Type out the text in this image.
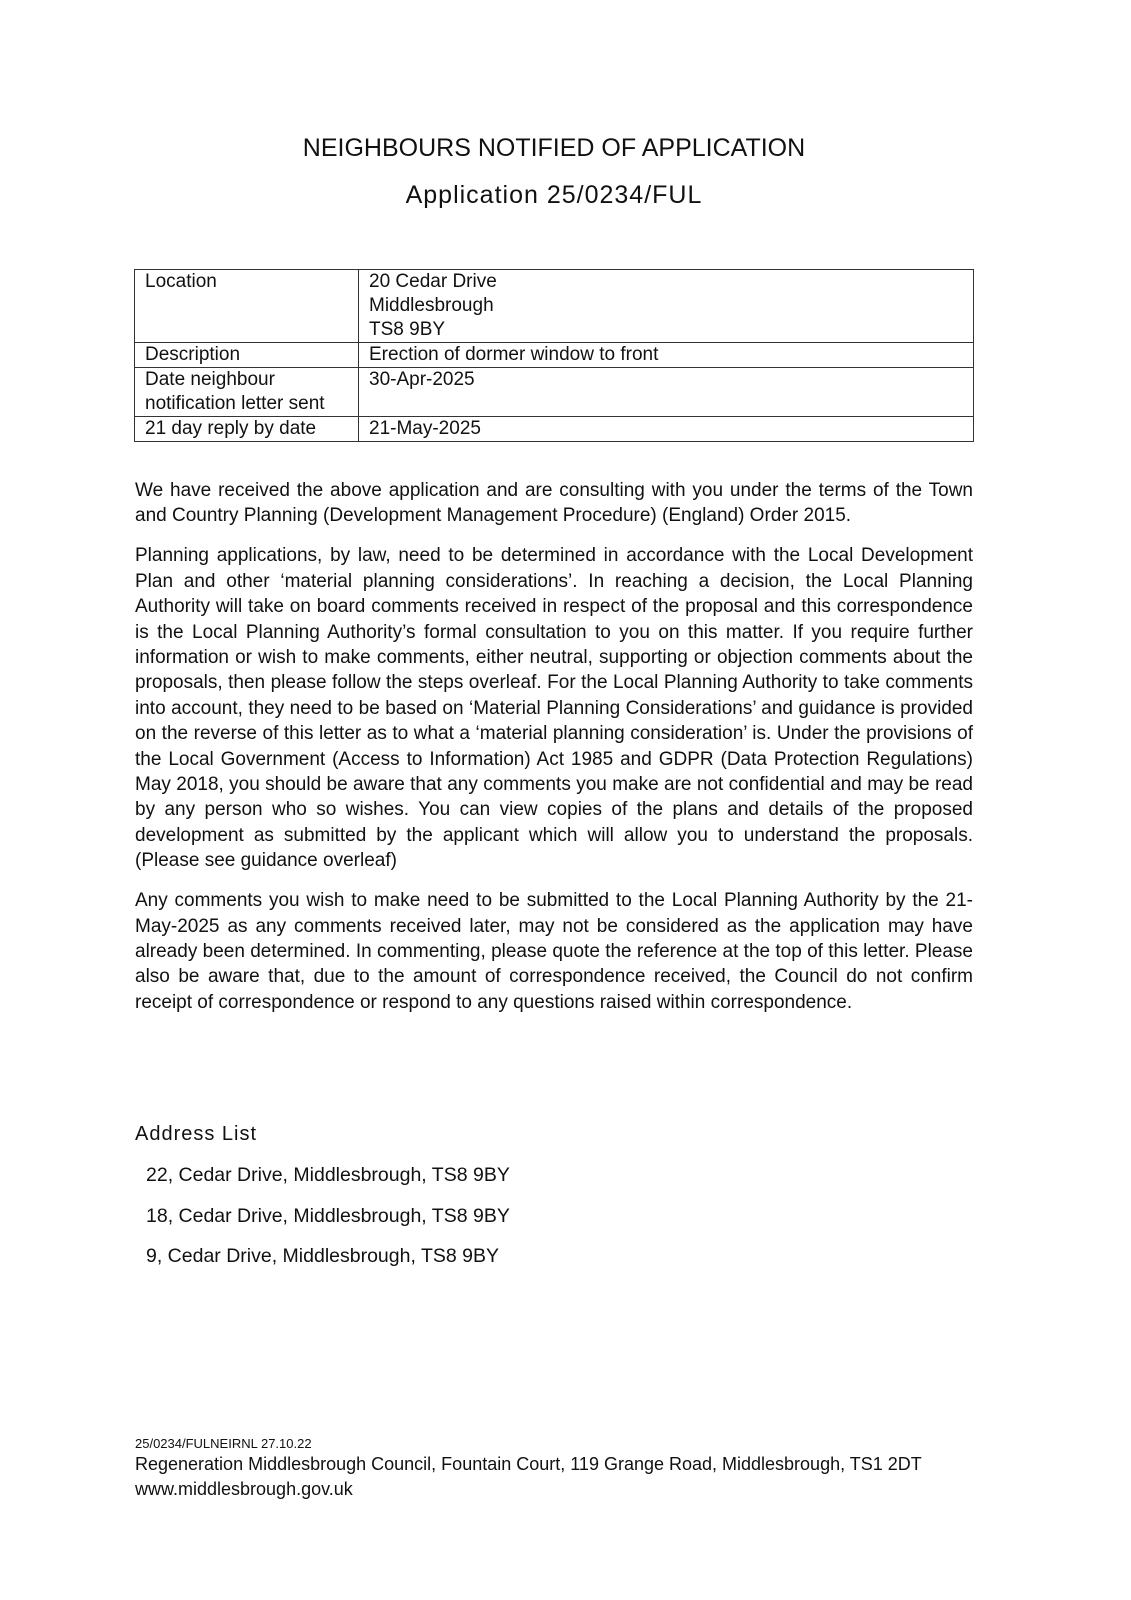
NEIGHBOURS NOTIFIED OF APPLICATION
Application 25/0234/FUL
Location	20 Cedar Drive
Middlesbrough
TS8 9BY

Description	Erection of dormer window to front

Date neighbour
notification letter sent	30-Apr-2025
21 day reply by date	21-May-2025

We have received the above application and are consulting with you under the terms of the Town and Country Planning (Development Management Procedure) (England) Order 2015.

Planning applications, by law, need to be determined in accordance with the Local Development Plan and other ‘material planning considerations’. In reaching a decision, the Local Planning Authority will take on board comments received in respect of the proposal and this correspondence is the Local Planning Authority’s formal consultation to you on this matter. If you require further information or wish to make comments, either neutral, supporting or objection comments about the proposals, then please follow the steps overleaf. For the Local Planning Authority to take comments into account, they need to be based on ‘Material Planning Considerations’ and guidance is provided on the reverse of this letter as to what a ‘material planning consideration’ is. Under the provisions of the Local Government (Access to Information) Act 1985 and GDPR (Data Protection Regulations) May 2018, you should be aware that any comments you make are not confidential and may be read by any person who so wishes. You can view copies of the plans and details of the proposed development as submitted by the applicant which will allow you to understand the proposals. (Please see guidance overleaf)

Any comments you wish to make need to be submitted to the Local Planning Authority by the 21-May-2025 as any comments received later, may not be considered as the application may have already been determined. In commenting, please quote the reference at the top of this letter. Please also be aware that, due to the amount of correspondence received, the Council do not confirm receipt of correspondence or respond to any questions raised within correspondence.

Address List
22, Cedar Drive, Middlesbrough, TS8 9BY
18, Cedar Drive, Middlesbrough, TS8 9BY
9, Cedar Drive, Middlesbrough, TS8 9BY
25/0234/FULNEIRNL 27.10.22
Regeneration Middlesbrough Council, Fountain Court, 119 Grange Road, Middlesbrough, TS1 2DT
www.middlesbrough.gov.uk
